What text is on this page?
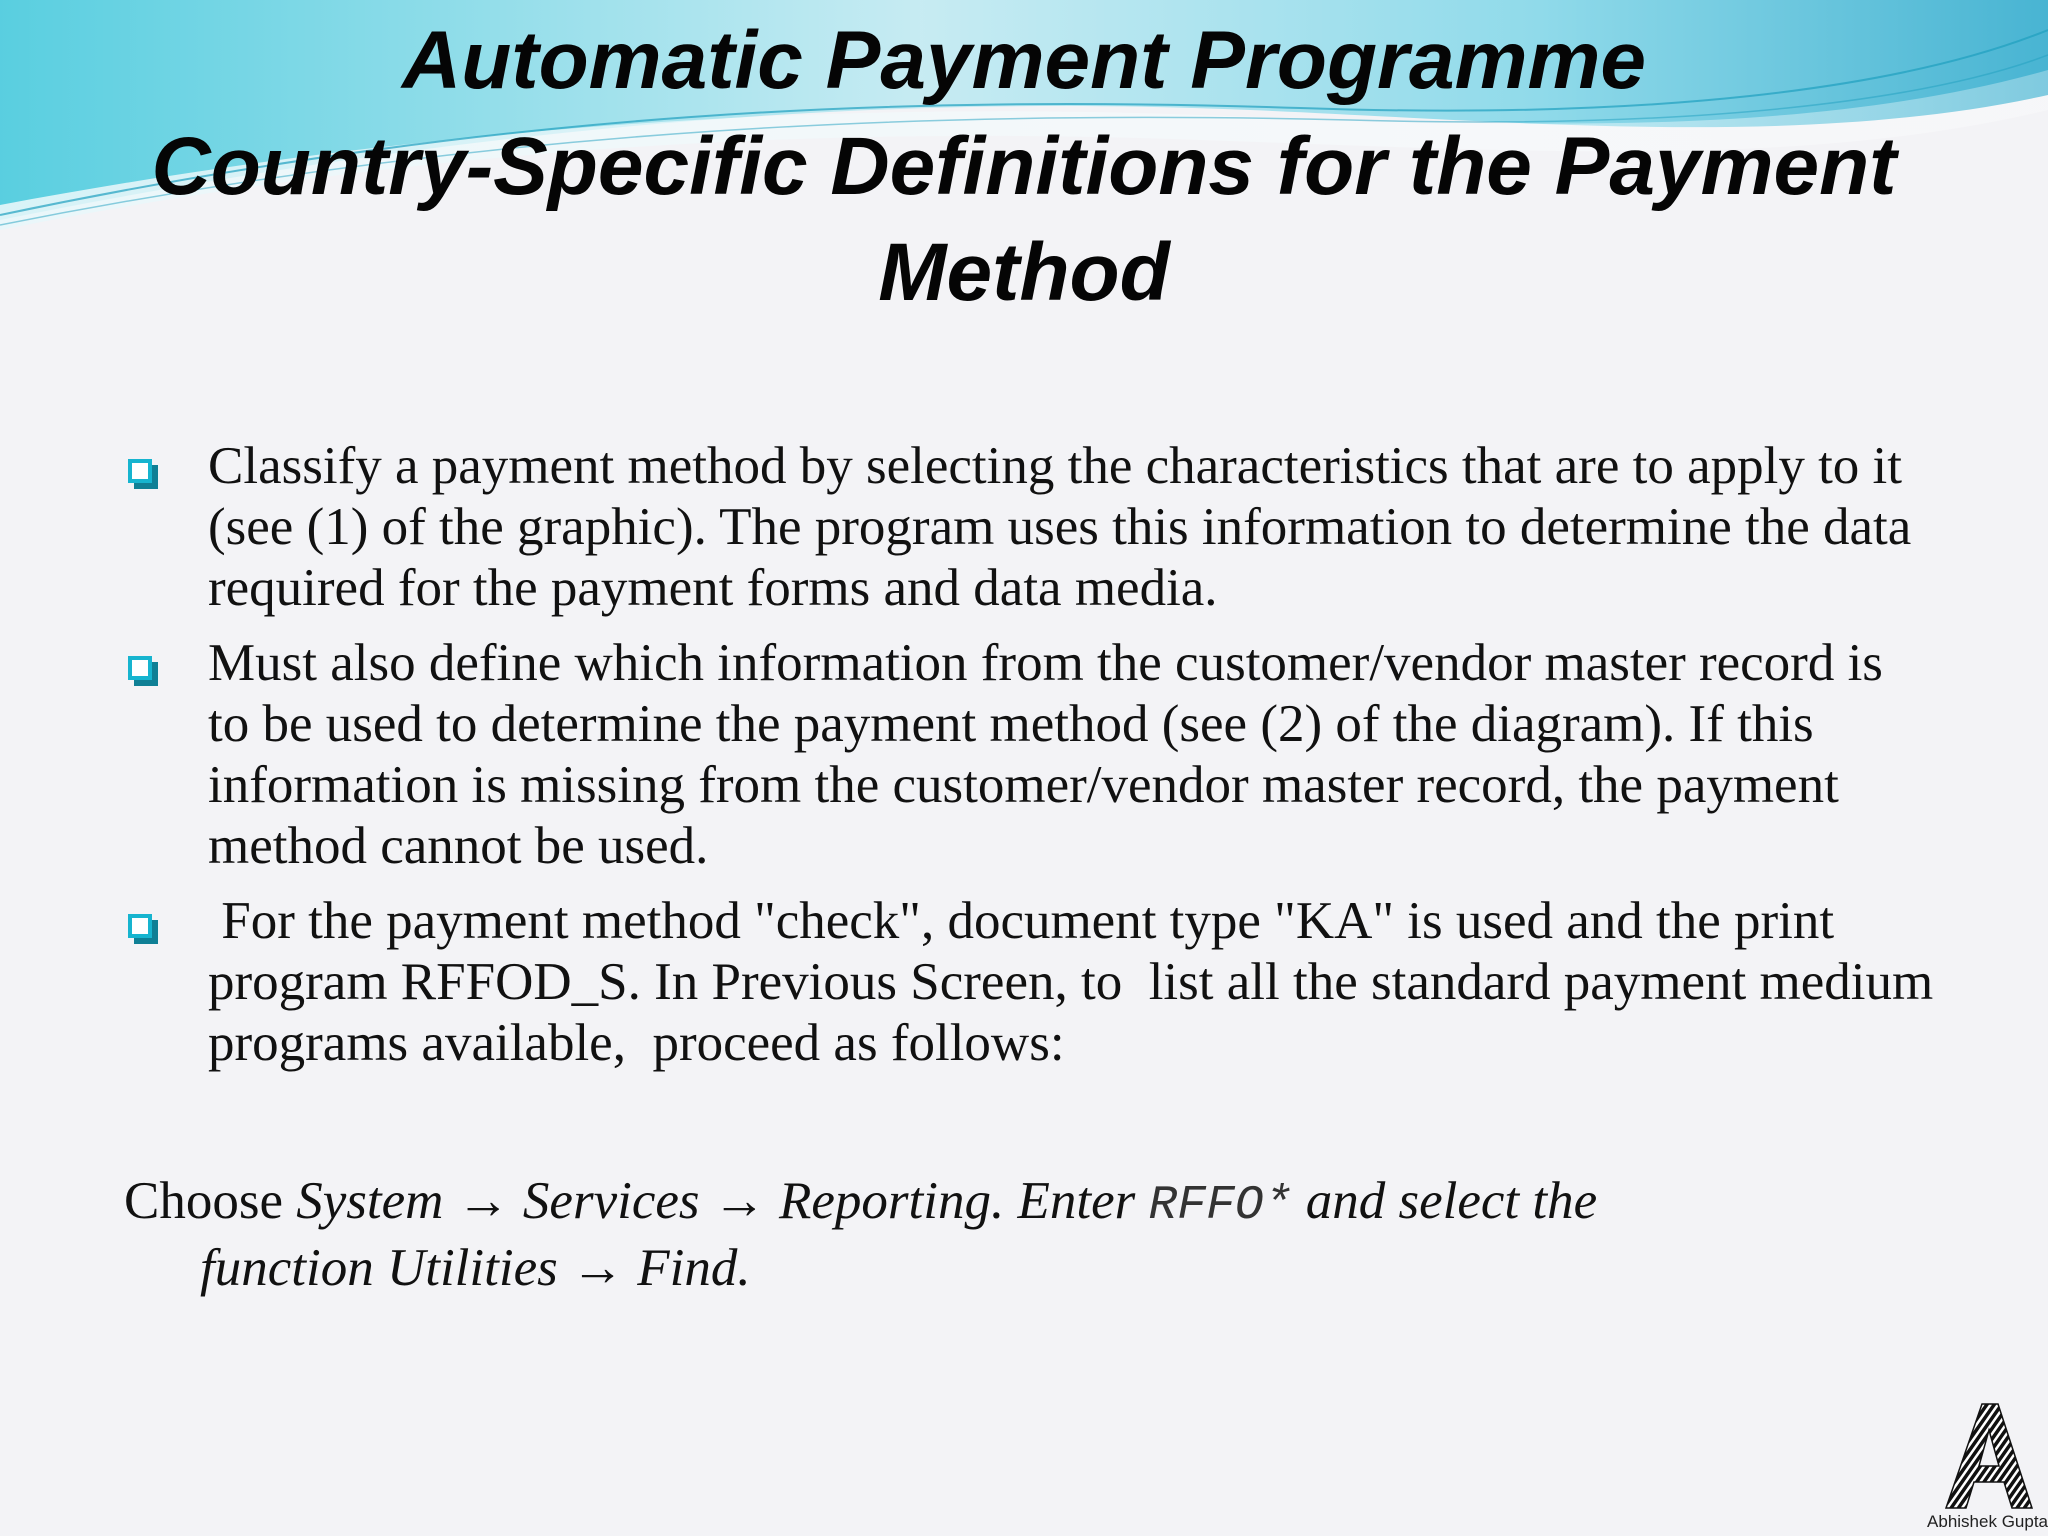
Automatic Payment Programme
Country-Specific Definitions for the Payment
Method
Classify a payment method by selecting the characteristics that are to apply to it (see (1) of the graphic). The program uses this information to determine the data required for the payment forms and data media.
Must also define which information from the customer/vendor master record is to be used to determine the payment method (see (2) of the diagram). If this information is missing from the customer/vendor master record, the payment method cannot be used.
For the payment method "check", document type "KA" is used and the print program RFFOD_S. In Previous Screen, to  list all the standard payment medium programs available,  proceed as follows:

Choose System → Services → Reporting. Enter RFFO* and select the
function Utilities → Find.

A
Abhishek Gupta
